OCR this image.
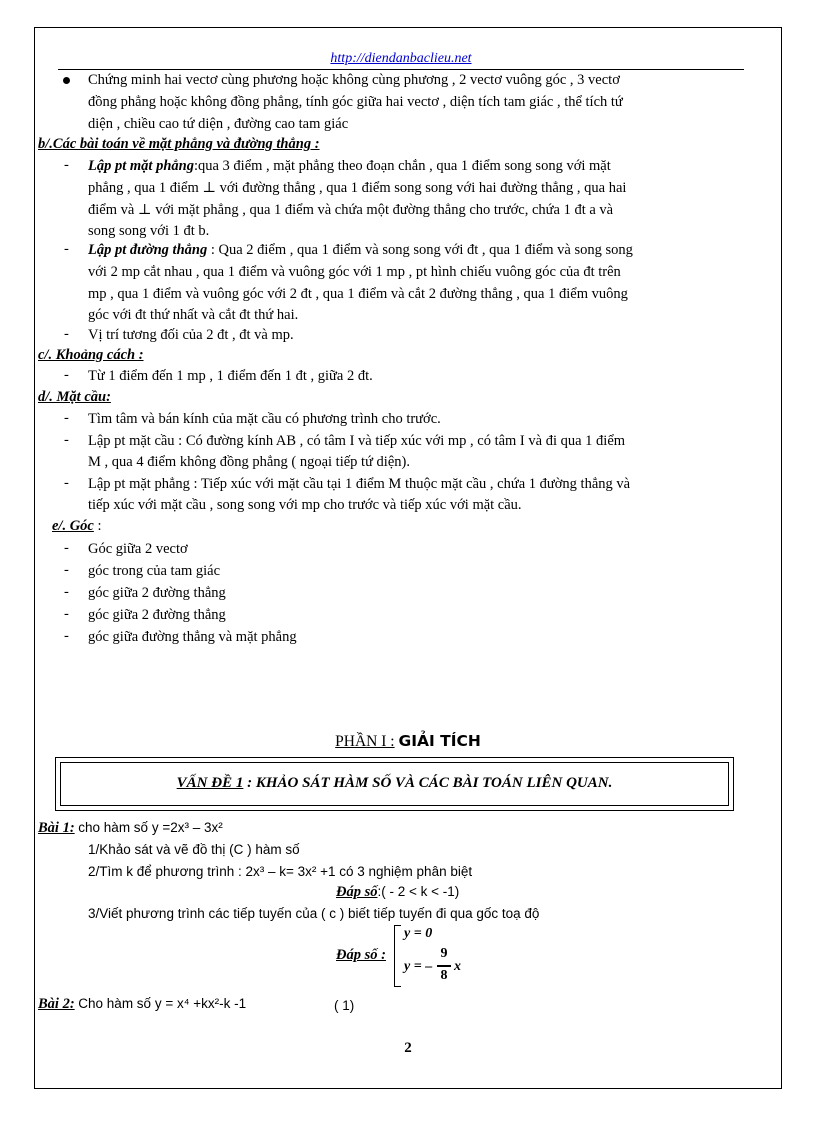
http://diendanbaclieu.net
Chứng minh hai vectơ cùng phương hoặc không cùng phương , 2 vectơ vuông góc , 3 vectơ
đồng phẳng hoặc không đồng phẳng, tính góc giữa hai vectơ , diện tích tam giác , thể tích tứ
diện , chiều cao tứ diện , đường cao tam giác
b/.Các bài toán về mặt phẳng và đường thẳng :
- Lập pt mặt phẳng:qua 3 điểm , mặt phẳng theo đoạn chắn , qua 1 điểm song song với mặt
phẳng , qua 1 điểm ⊥ với đường thẳng , qua 1 điểm song song với hai đường thẳng , qua hai
điểm và ⊥ với mặt phẳng , qua 1 điểm và chứa một đường thẳng cho trước, chứa 1 đt a và
song song với 1 đt b.
- Lập pt đường thẳng : Qua 2 điểm , qua 1 điểm và song song với đt , qua 1 điểm và song song
với 2 mp cắt nhau , qua 1 điểm và vuông góc với 1 mp , pt hình chiếu vuông góc của đt trên
mp , qua 1 điểm và vuông góc với 2 đt , qua 1 điểm và cắt 2 đường thẳng , qua 1 điểm vuông
góc với đt thứ nhất và cắt đt thứ hai.
- Vị trí tương đối của 2 đt , đt và mp.
c/. Khoảng cách :
- Từ 1 điểm đến 1 mp , 1 điểm đến 1 đt , giữa 2 đt.
d/. Mặt cầu:
- Tìm tâm và bán kính của mặt cầu có phương trình cho trước.
- Lập pt mặt cầu : Có đường kính AB , có tâm I và tiếp xúc với mp , có tâm I và đi qua 1 điểm
M , qua 4 điểm không đồng phẳng ( ngoại tiếp tứ diện).
- Lập pt mặt phẳng : Tiếp xúc với mặt cầu tại 1 điểm M thuộc mặt cầu , chứa 1 đường thẳng và
tiếp xúc với mặt cầu , song song với mp cho trước và tiếp xúc với mặt cầu.
e/. Góc :
- Góc giữa 2 vectơ
- góc trong của tam giác
- góc giữa 2 đường thẳng
- góc giữa 2 đường thẳng
- góc giữa đường thẳng và mặt phẳng
PHẦN I : GIẢI TÍCH
VẤN ĐỀ 1 : KHẢO SÁT HÀM SỐ VÀ CÁC BÀI TOÁN LIÊN QUAN.
Bài 1: cho hàm số y =2x³ – 3x²
1/Khảo sát và vẽ đồ thị (C ) hàm số
2/Tìm k để phương trình : 2x³ – k= 3x² +1 có 3 nghiệm phân biệt
Đáp số:( - 2 < k < -1)
3/Viết phương trình các tiếp tuyến của ( c ) biết tiếp tuyến đi qua gốc toạ độ
Đáp số :
y = 0
y = –
9
8
x
Bài 2: Cho hàm số y = x⁴ +kx²-k -1	( 1)
2
